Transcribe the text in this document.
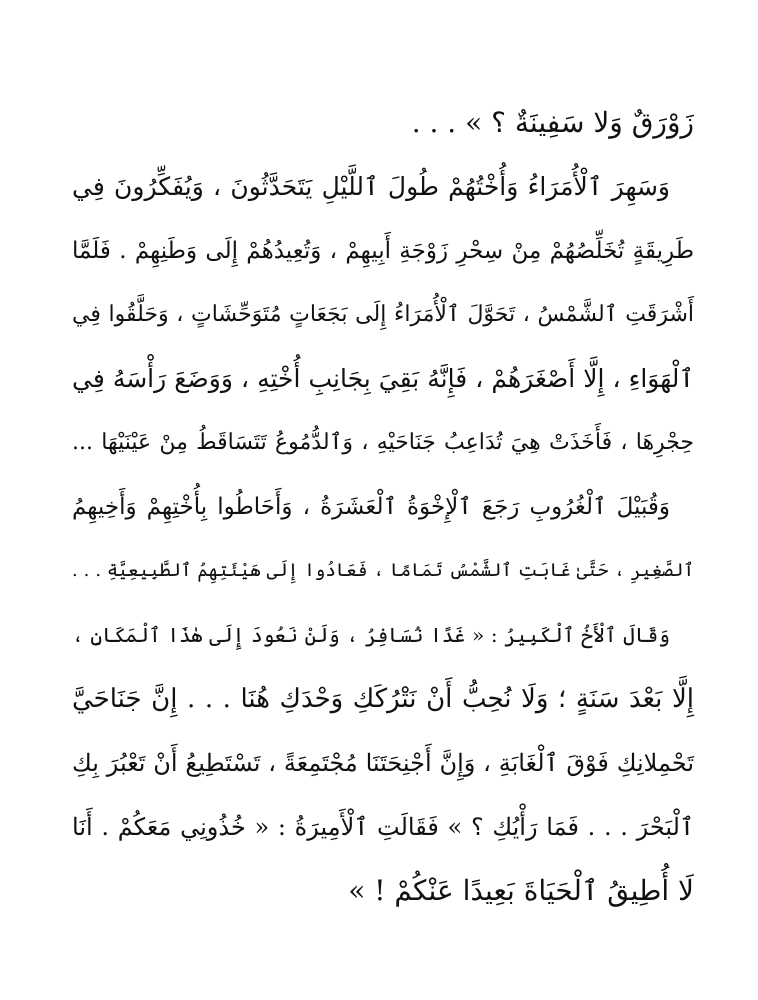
زَوْرَقٌ وَلا سَفِينَةٌ ؟ » . . .
وَسَهِرَ ٱلْأُمَرَاءُ وَأُخْتُهُمْ طُولَ ٱللَّيْلِ يَتَحَدَّثُونَ ، وَيُفَكِّرُونَ فِي
طَرِيقَةٍ تُخَلِّصُهُمْ مِنْ سِحْرِ زَوْجَةِ أَبِيهِمْ ، وَتُعِيدُهُمْ إِلَى وَطَنِهِمْ . فَلَمَّا
أَشْرَقَتِ ٱلشَّمْسُ ، تَحَوَّلَ ٱلْأُمَرَاءُ إِلَى بَجَعَاتٍ مُتَوَحِّشَاتٍ ، وَحَلَّقُوا فِي
ٱلْهَوَاءِ ، إِلَّا أَصْغَرَهُمْ ، فَإِنَّهُ بَقِيَ بِجَانِبِ أُخْتِهِ ، وَوَضَعَ رَأْسَهُ فِي
حِجْرِهَا ، فَأَخَذَتْ هِيَ تُدَاعِبُ جَنَاحَيْهِ ، وَٱلدُّمُوعُ تَتَسَاقَطُ مِنْ عَيْنَيْهَا ...
وَقُبَيْلَ ٱلْغُرُوبِ رَجَعَ ٱلْإِخْوَةُ ٱلْعَشَرَةُ ، وَأَحَاطُوا بِأُخْتِهِمْ وَأَخِيهِمُ
ٱلصَّغِيرِ ، حَتَّىٰ غَابَتِ ٱلشَّمْسُ تَمَامًا ، فَعَادُوا إِلَى هَيْئَتِهِمُ ٱلطَّبِيعِيَّةِ . . .
وَقَالَ ٱلْأَخُ ٱلْكَبِيرُ : « غَدًا نُسَافِرُ ، وَلَنْ نَعُودَ إِلَى هٰذَا ٱلْمَكَانِ ،
إِلَّا بَعْدَ سَنَةٍ ؛ وَلَا نُحِبُّ أَنْ نَتْرُكَكِ وَحْدَكِ هُنَا . . . إِنَّ جَنَاحَيَّ
تَحْمِلانِكِ فَوْقَ ٱلْغَابَةِ ، وَإِنَّ أَجْنِحَتَنَا مُجْتَمِعَةً ، تَسْتَطِيعُ أَنْ تَعْبُرَ بِكِ
ٱلْبَحْرَ . . . فَمَا رَأْيُكِ ؟ » فَقَالَتِ ٱلْأَمِيرَةُ : « خُذُونِي مَعَكُمْ . أَنَا
لَا أُطِيقُ ٱلْحَيَاةَ بَعِيدًا عَنْكُمْ ! »
